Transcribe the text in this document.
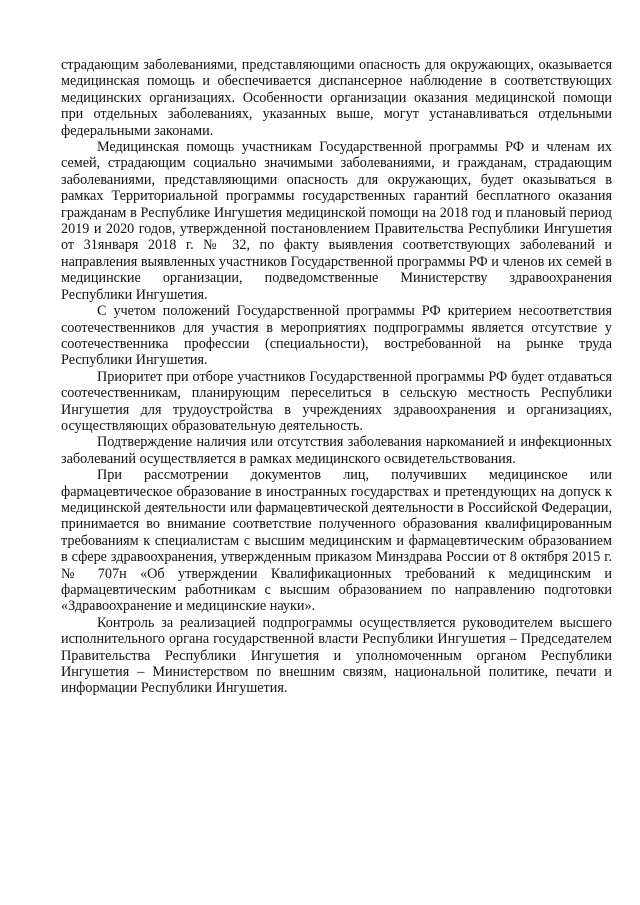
страдающим заболеваниями, представляющими опасность для окружающих, оказывается медицинская помощь и обеспечивается диспансерное наблюдение в соответствующих медицинских организациях. Особенности организации оказания медицинской помощи при отдельных заболеваниях, указанных выше, могут устанавливаться отдельными федеральными законами.

Медицинская помощь участникам Государственной программы РФ и членам их семей, страдающим социально значимыми заболеваниями, и гражданам, страдающим заболеваниями, представляющими опасность для окружающих, будет оказываться в рамках Территориальной программы государственных гарантий бесплатного оказания гражданам в Республике Ингушетия медицинской помощи на 2018 год и плановый период 2019 и 2020 годов, утвержденной постановлением Правительства Республики Ингушетия от 31января 2018 г. № 32, по факту выявления соответствующих заболеваний и направления выявленных участников Государственной программы РФ и членов их семей в медицинские организации, подведомственные Министерству здравоохранения Республики Ингушетия.

С учетом положений Государственной программы РФ критерием несоответствия соотечественников для участия в мероприятиях подпрограммы является отсутствие у соотечественника профессии (специальности), востребованной на рынке труда Республики Ингушетия.

Приоритет при отборе участников Государственной программы РФ будет отдаваться соотечественникам, планирующим переселиться в сельскую местность Республики Ингушетия для трудоустройства в учреждениях здравоохранения и организациях, осуществляющих образовательную деятельность.

Подтверждение наличия или отсутствия заболевания наркоманией и инфекционных заболеваний осуществляется в рамках медицинского освидетельствования.

При рассмотрении документов лиц, получивших медицинское или фармацевтическое образование в иностранных государствах и претендующих на допуск к медицинской деятельности или фармацевтической деятельности в Российской Федерации, принимается во внимание соответствие полученного образования квалифицированным требованиям к специалистам с высшим медицинским и фармацевтическим образованием в сфере здравоохранения, утвержденным приказом Минздрава России от 8 октября 2015 г. № 707н «Об утверждении Квалификационных требований к медицинским и фармацевтическим работникам с высшим образованием по направлению подготовки «Здравоохранение и медицинские науки».

Контроль за реализацией подпрограммы осуществляется руководителем высшего исполнительного органа государственной власти Республики Ингушетия – Председателем Правительства Республики Ингушетия и уполномоченным органом Республики Ингушетия – Министерством по внешним связям, национальной политике, печати и информации Республики Ингушетия.
